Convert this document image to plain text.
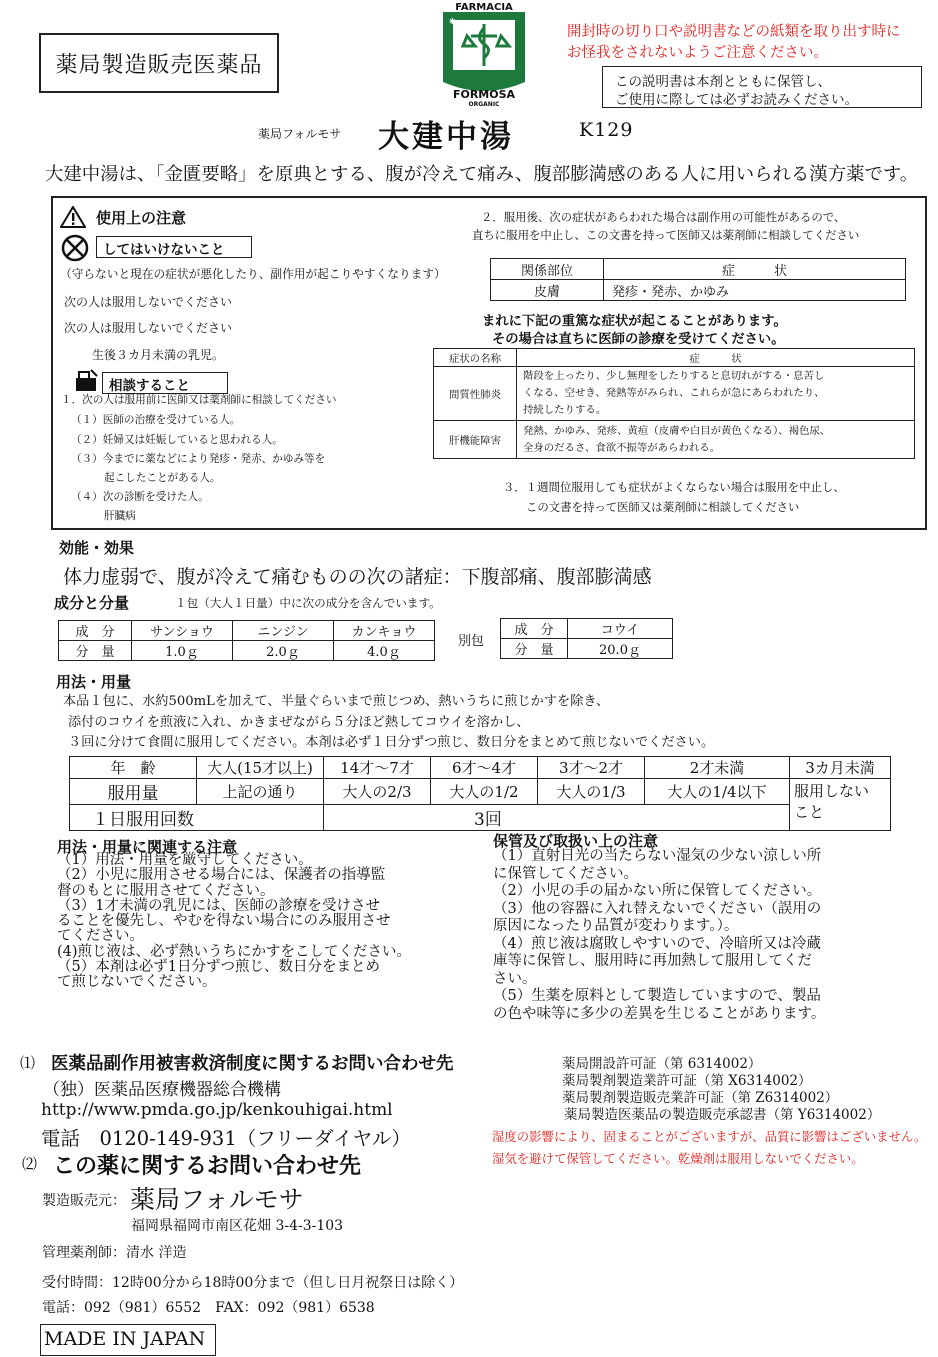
薬局製造販売医薬品
✱
FARMACIA
FORMOSA
ORGANIC
開封時の切り口や説明書などの紙類を取り出す時に
お怪我をされないようご注意ください。
この説明書は本剤とともに保管し、
ご使用に際しては必ずお読みください。
薬局フォルモサ 大建中湯	K129
大建中湯は、「金匱要略」を原典とする、腹が冷えて痛み、腹部膨満感のある人に用いられる漢方薬です。
使用上の注意
してはいけないこと
（守らないと現在の症状が悪化したり、副作用が起こりやすくなります）
次の人は服用しないでください
次の人は服用しないでください
生後３カ月未満の乳児。
相談すること
１．次の人は服用前に医師又は薬剤師に相談してください
（１）医師の治療を受けている人。
（２）妊婦又は妊娠していると思われる人。
（３）今までに薬などにより発疹・発赤、かゆみ等を
起こしたことがある人。
（４）次の診断を受けた人。
肝臓病
２．服用後、次の症状があらわれた場合は副作用の可能性があるので、
直ちに服用を中止し、この文書を持って医師又は薬剤師に相談してください
関係部位	症　　　状
皮膚	発疹・発赤、かゆみ
まれに下記の重篤な症状が起こることがあります。
その場合は直ちに医師の診療を受けてください。
症状の名称	症　　　状
間質性肺炎	階段を上ったり、少し無理をしたりすると息切れがする・息苦し
くなる、空せき、発熱等がみられ、これらが急にあらわれたり、
持続したりする。

肝機能障害	発熱、かゆみ、発疹、黄疸（皮膚や白目が黄色くなる）、褐色尿、
全身のだるさ、食欲不振等があらわれる。
３．１週間位服用しても症状がよくならない場合は服用を中止し、
この文書を持って医師又は薬剤師に相談してください
効能・効果
体力虚弱で、腹が冷えて痛むものの次の諸症：下腹部痛、腹部膨満感
成分と分量	１包（大人１日量）中に次の成分を含んでいます。
成　分	サンショウ	ニンジン	カンキョウ
分　量	1.0ｇ	2.0ｇ	4.0ｇ
別包
成　分	コウイ
分　量	20.0ｇ
用法・用量
本品１包に、水約500mLを加えて、半量ぐらいまで煎じつめ、熱いうちに煎じかすを除き、
添付のコウイを煎液に入れ、かきまぜながら５分ほど熱してコウイを溶かし、
３回に分けて食間に服用してください。本剤は必ず１日分ずつ煎じ、数日分をまとめて煎じないでください。
年　齢	大人(15才以上)	14才～7才	6才～4才	3才～2才	2才未満	3カ月未満
服用量	上記の通り	大人の2/3	大人の1/2	大人の1/3	大人の1/4以下	服用しない
こと

１日服用回数		3回				
用法・用量に関連する注意
（1）用法・用量を厳守してください。
（2）小児に服用させる場合には、保護者の指導監
督のもとに服用させてください。
（3）1才未満の乳児には、医師の診療を受けさせ
ることを優先し、やむを得ない場合にのみ服用させ
てください。
(4)煎じ液は、必ず熱いうちにかすをこしてください。
（5）本剤は必ず1日分ずつ煎じ、数日分をまとめ
て煎じないでください。
保管及び取扱い上の注意
（1）直射日光の当たらない湿気の少ない涼しい所
に保管してください。
（2）小児の手の届かない所に保管してください。
（3）他の容器に入れ替えないでください（誤用の
原因になったり品質が変わります。）。
（4）煎じ液は腐敗しやすいので、冷暗所又は冷蔵
庫等に保管し、服用時に再加熱して服用してくだ
さい。
（5）生薬を原料として製造していますので、製品
の色や味等に多少の差異を生じることがあります。
⑴ 医薬品副作用被害救済制度に関するお問い合わせ先
（独）医薬品医療機器総合機構
http://www.pmda.go.jp/kenkouhigai.html
電話　0120-149-931（フリーダイヤル）
⑵ この薬に関するお問い合わせ先
製造販売元： 薬局フォルモサ
福岡県福岡市南区花畑 3-4-3-103
管理薬剤師：清水 洋造
受付時間：12時00分から18時00分まで（但し日月祝祭日は除く）
電話：092（981）6552　FAX：092（981）6538
MADE IN JAPAN
薬局開設許可証（第 6314002）
薬局製剤製造業許可証（第 X6314002）
薬局製剤製造販売業許可証（第 Z6314002）
薬局製造医薬品の製造販売承認書（第 Y6314002）
湿度の影響により、固まることがございますが、品質に影響はございません。
湿気を避けて保管してください。乾燥剤は服用しないでください。
